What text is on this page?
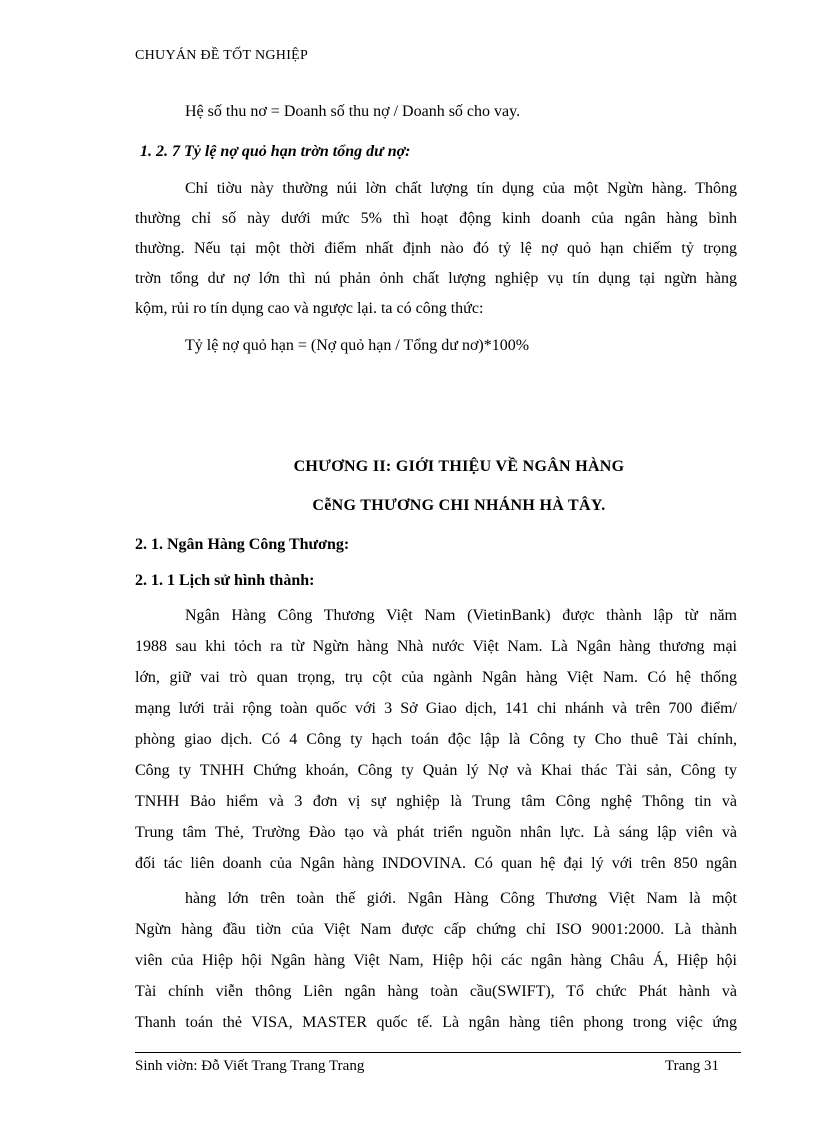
CHUYÁN ĐỀ TỐT NGHIỆP
Hệ số thu nơ = Doanh số thu nợ / Doanh số cho vay.
1. 2. 7 Tỷ lệ nợ quỏ hạn trờn tổng dư nợ:
Chỉ tiờu này thường núi lờn chất lượng tín dụng của một Ngừn hàng. Thông
thường chỉ số này dưới mức 5% thì hoạt động kinh doanh của ngân hàng bình
thường. Nếu tại một thời điểm nhất định nào đó tỷ lệ nợ quỏ hạn chiếm tỷ trọng
trờn tổng dư nợ lớn thì nú phản ỏnh chất lượng nghiệp vụ tín dụng tại ngừn hàng
kộm, rủi ro tín dụng cao và ngược lại. ta có công thức:
Tỷ lệ nợ quỏ hạn = (Nợ quỏ hạn / Tổng dư nơ)*100%
CHƯƠNG II: GIỚI THIỆU VỀ NGÂN HÀNG
CễNG THƯƠNG CHI NHÁNH HÀ TÂY.
2. 1. Ngân Hàng Công Thương:
2. 1. 1 Lịch sử hình thành:
Ngân Hàng Công Thương Việt Nam (VietinBank) được thành lập từ năm
1988 sau khi tỏch ra từ Ngừn hàng Nhà nước Việt Nam. Là Ngân hàng thương mại
lớn, giữ vai trò quan trọng, trụ cột của ngành Ngân hàng Việt Nam. Có hệ thống
mạng lưới trải rộng toàn quốc với 3 Sở Giao dịch, 141 chi nhánh và trên 700 điểm/
phòng giao dịch. Có 4 Công ty hạch toán độc lập là Công ty Cho thuê Tài chính,
Công ty TNHH Chứng khoán, Công ty Quản lý Nợ và Khai thác Tài sản, Công ty
TNHH Bảo hiểm và 3 đơn vị sự nghiệp là Trung tâm Công nghệ Thông tin và
Trung tâm Thẻ, Trường Đào tạo và phát triển nguồn nhân lực. Là sáng lập viên và
đối tác liên doanh của Ngân hàng INDOVINA. Có quan hệ đại lý với trên 850 ngân
hàng lớn trên toàn thế giới. Ngân Hàng Công Thương Việt Nam là một
Ngừn hàng đầu tiờn của Việt Nam được cấp chứng chỉ ISO 9001:2000. Là thành
viên của Hiệp hội Ngân hàng Việt Nam, Hiệp hội các ngân hàng Châu Á, Hiệp hội
Tài chính viễn thông Liên ngân hàng toàn cầu(SWIFT), Tổ chức Phát hành và
Thanh toán thẻ VISA, MASTER quốc tế. Là ngân hàng tiên phong trong việc ứng
Sinh viờn: Đỗ Viết Trang Trang Trang	Trang 31
